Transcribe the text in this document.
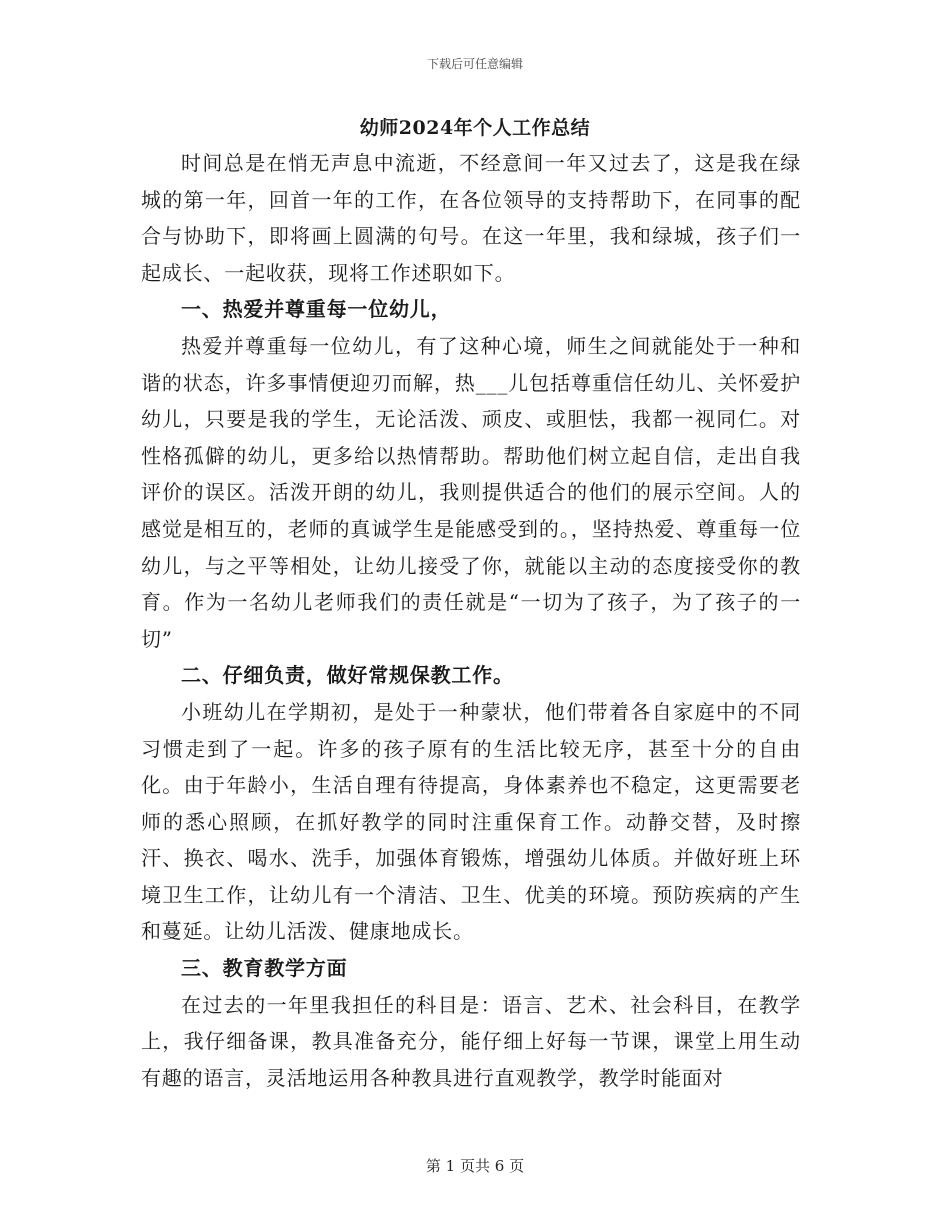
下载后可任意编辑
幼师2024年个人工作总结

时间总是在悄无声息中流逝，不经意间一年又过去了，这是我在绿城的第一年，回首一年的工作，在各位领导的支持帮助下，在同事的配合与协助下，即将画上圆满的句号。在这一年里，我和绿城，孩子们一起成长、一起收获，现将工作述职如下。

一、热爱并尊重每一位幼儿，

热爱并尊重每一位幼儿，有了这种心境，师生之间就能处于一种和谐的状态，许多事情便迎刃而解，热___儿包括尊重信任幼儿、关怀爱护幼儿，只要是我的学生，无论活泼、顽皮、或胆怯，我都一视同仁。对性格孤僻的幼儿，更多给以热情帮助。帮助他们树立起自信，走出自我评价的误区。活泼开朗的幼儿，我则提供适合的他们的展示空间。人的感觉是相互的，老师的真诚学生是能感受到的。，坚持热爱、尊重每一位幼儿，与之平等相处，让幼儿接受了你，就能以主动的态度接受你的教育。作为一名幼儿老师我们的责任就是“一切为了孩子，为了孩子的一切”

二、仔细负责，做好常规保教工作。

小班幼儿在学期初，是处于一种蒙状，他们带着各自家庭中的不同习惯走到了一起。许多的孩子原有的生活比较无序，甚至十分的自由化。由于年龄小，生活自理有待提高，身体素养也不稳定，这更需要老师的悉心照顾，在抓好教学的同时注重保育工作。动静交替，及时擦汗、换衣、喝水、洗手，加强体育锻炼，增强幼儿体质。并做好班上环境卫生工作，让幼儿有一个清洁、卫生、优美的环境。预防疾病的产生和蔓延。让幼儿活泼、健康地成长。

三、教育教学方面

在过去的一年里我担任的科目是：语言、艺术、社会科目，在教学上，我仔细备课，教具准备充分，能仔细上好每一节课，课堂上用生动有趣的语言，灵活地运用各种教具进行直观教学，教学时能面对

第 1 页共 6 页
